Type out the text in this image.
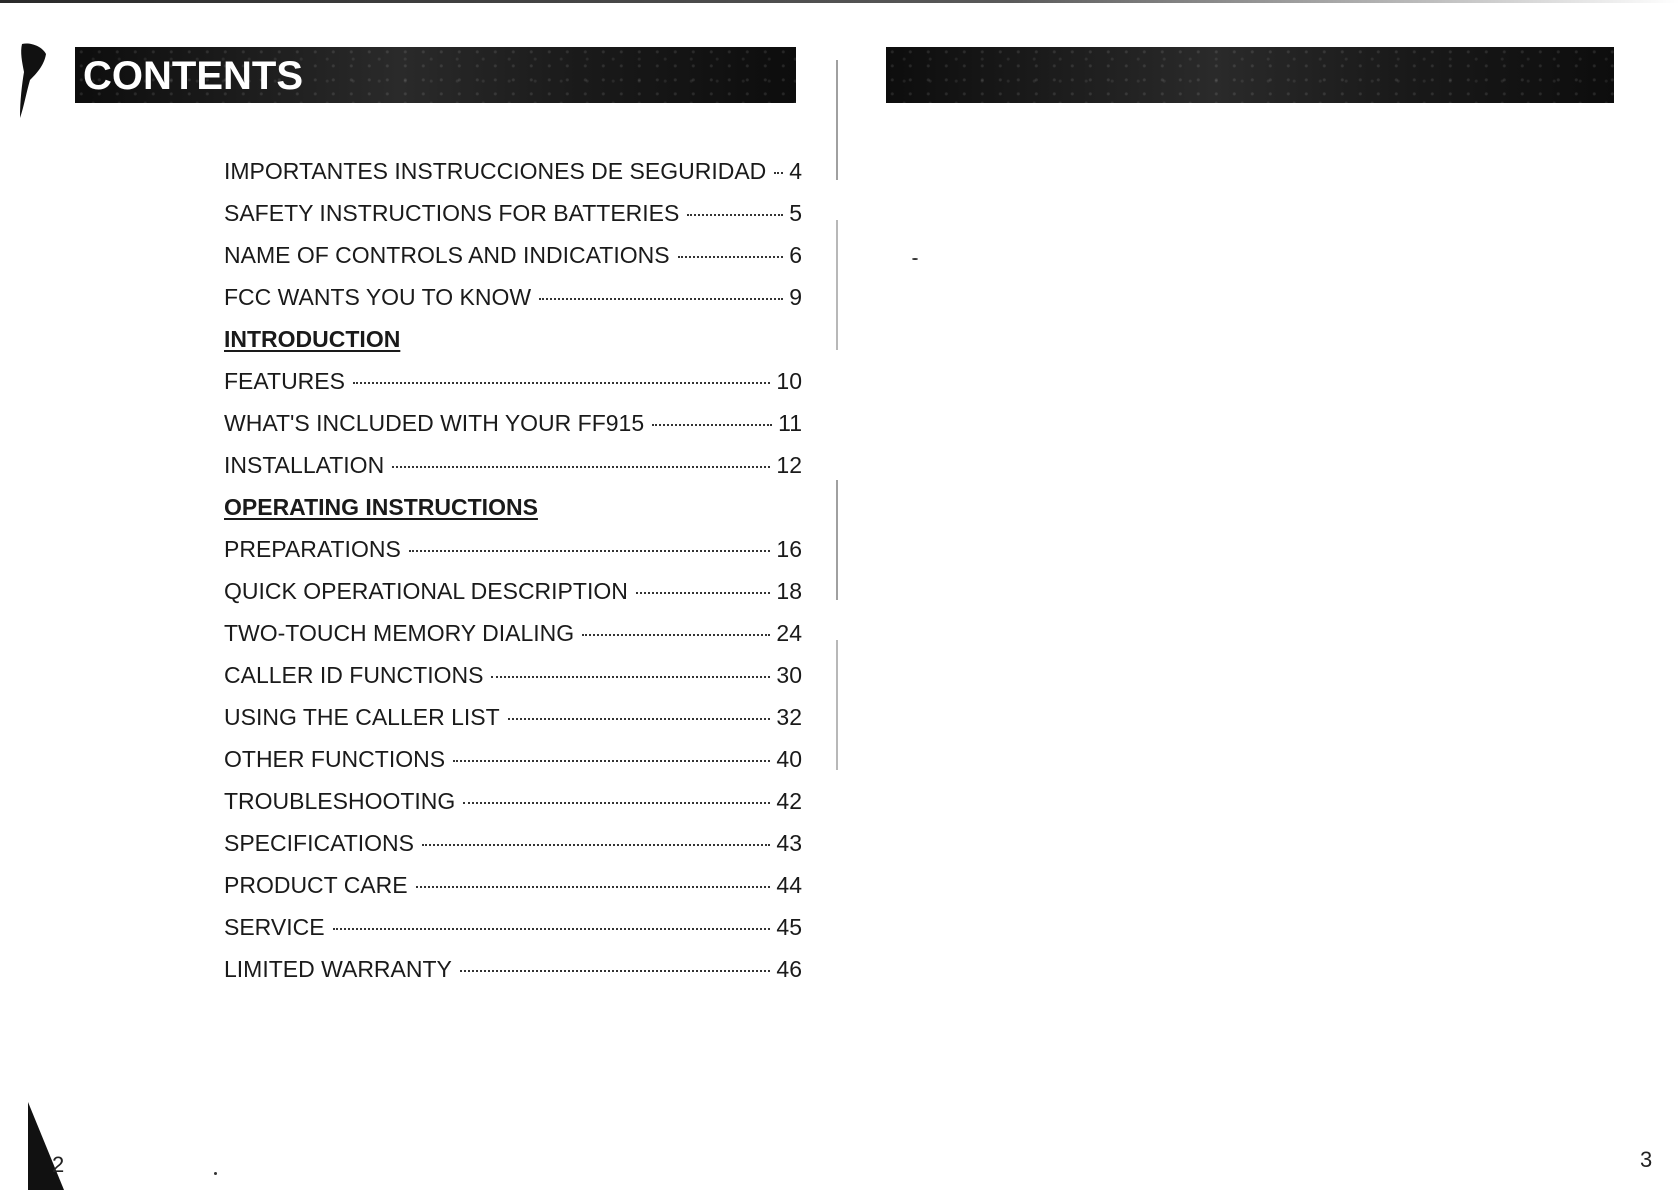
CONTENTS
IMPORTANTES INSTRUCCIONES DE SEGURIDAD 4
SAFETY INSTRUCTIONS FOR BATTERIES	5
NAME OF CONTROLS AND INDICATIONS	6
FCC WANTS YOU TO KNOW	9
INTRODUCTION
FEATURES	10
WHAT'S INCLUDED WITH YOUR FF915	11
INSTALLATION	12
OPERATING INSTRUCTIONS
PREPARATIONS	16
QUICK OPERATIONAL DESCRIPTION	18
TWO-TOUCH MEMORY DIALING	24
CALLER ID FUNCTIONS	30
USING THE CALLER LIST	32
OTHER FUNCTIONS	40
TROUBLESHOOTING	42
SPECIFICATIONS	43
PRODUCT CARE	44
SERVICE	45
LIMITED WARRANTY	46
2	3
